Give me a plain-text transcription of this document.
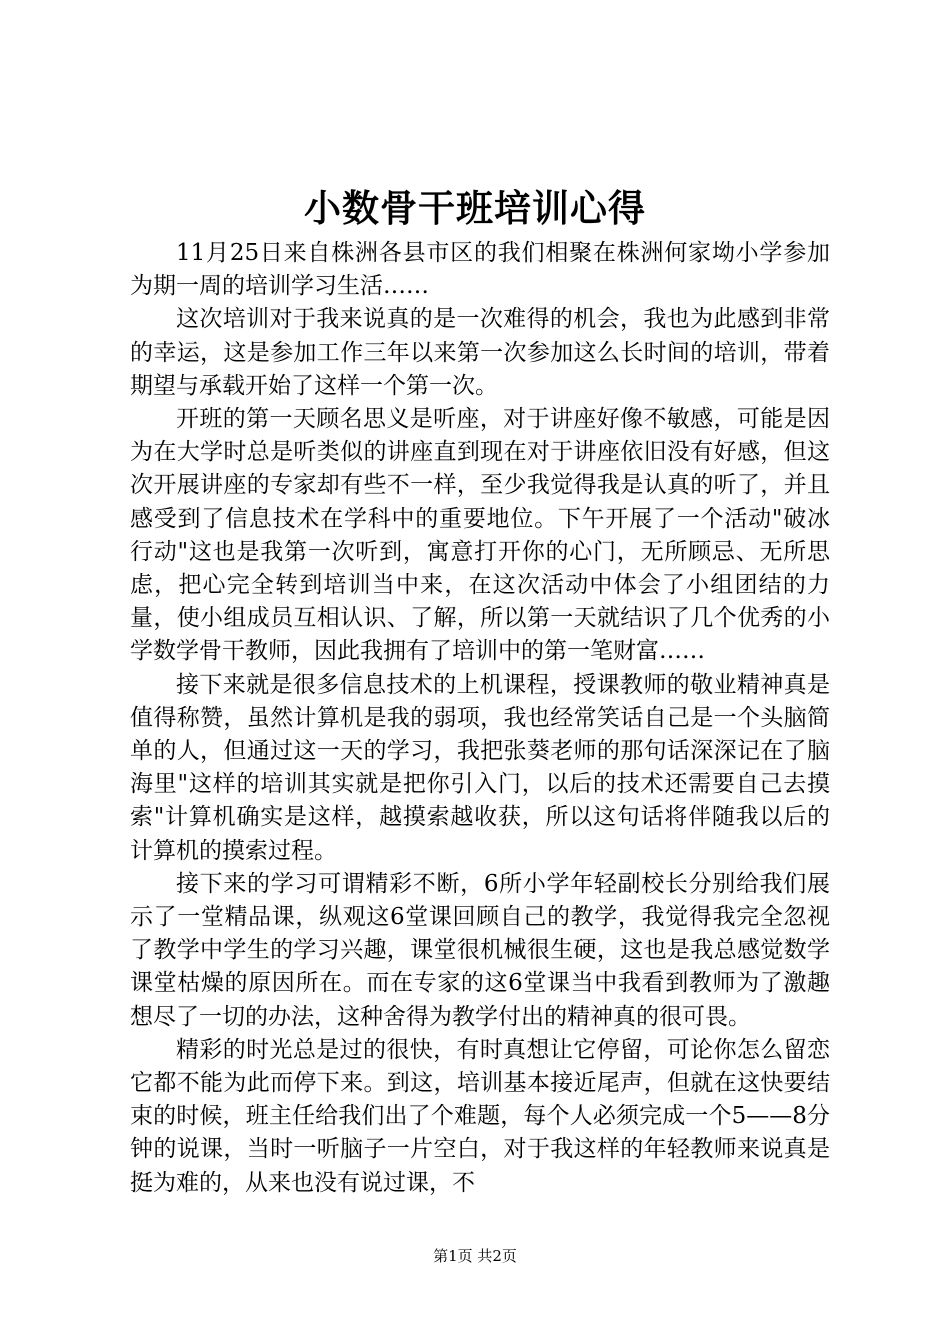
小数骨干班培训心得

11月25日来自株洲各县市区的我们相聚在株洲何家坳小学参加为期一周的培训学习生活……

这次培训对于我来说真的是一次难得的机会，我也为此感到非常的幸运，这是参加工作三年以来第一次参加这么长时间的培训，带着期望与承载开始了这样一个第一次。

开班的第一天顾名思义是听座，对于讲座好像不敏感，可能是因为在大学时总是听类似的讲座直到现在对于讲座依旧没有好感，但这次开展讲座的专家却有些不一样，至少我觉得我是认真的听了，并且感受到了信息技术在学科中的重要地位。下午开展了一个活动"破冰行动"这也是我第一次听到，寓意打开你的心门，无所顾忌、无所思虑，把心完全转到培训当中来，在这次活动中体会了小组团结的力量，使小组成员互相认识、了解，所以第一天就结识了几个优秀的小学数学骨干教师，因此我拥有了培训中的第一笔财富……

接下来就是很多信息技术的上机课程，授课教师的敬业精神真是值得称赞，虽然计算机是我的弱项，我也经常笑话自己是一个头脑简单的人，但通过这一天的学习，我把张葵老师的那句话深深记在了脑海里"这样的培训其实就是把你引入门，以后的技术还需要自己去摸索"计算机确实是这样，越摸索越收获，所以这句话将伴随我以后的计算机的摸索过程。

接下来的学习可谓精彩不断，6所小学年轻副校长分别给我们展示了一堂精品课，纵观这6堂课回顾自己的教学，我觉得我完全忽视了教学中学生的学习兴趣，课堂很机械很生硬，这也是我总感觉数学课堂枯燥的原因所在。而在专家的这6堂课当中我看到教师为了激趣想尽了一切的办法，这种舍得为教学付出的精神真的很可畏。

精彩的时光总是过的很快，有时真想让它停留，可论你怎么留恋它都不能为此而停下来。到这，培训基本接近尾声，但就在这快要结束的时候，班主任给我们出了个难题，每个人必须完成一个5——8分钟的说课，当时一听脑子一片空白，对于我这样的年轻教师来说真是挺为难的，从来也没有说过课，不

第1页 共2页
